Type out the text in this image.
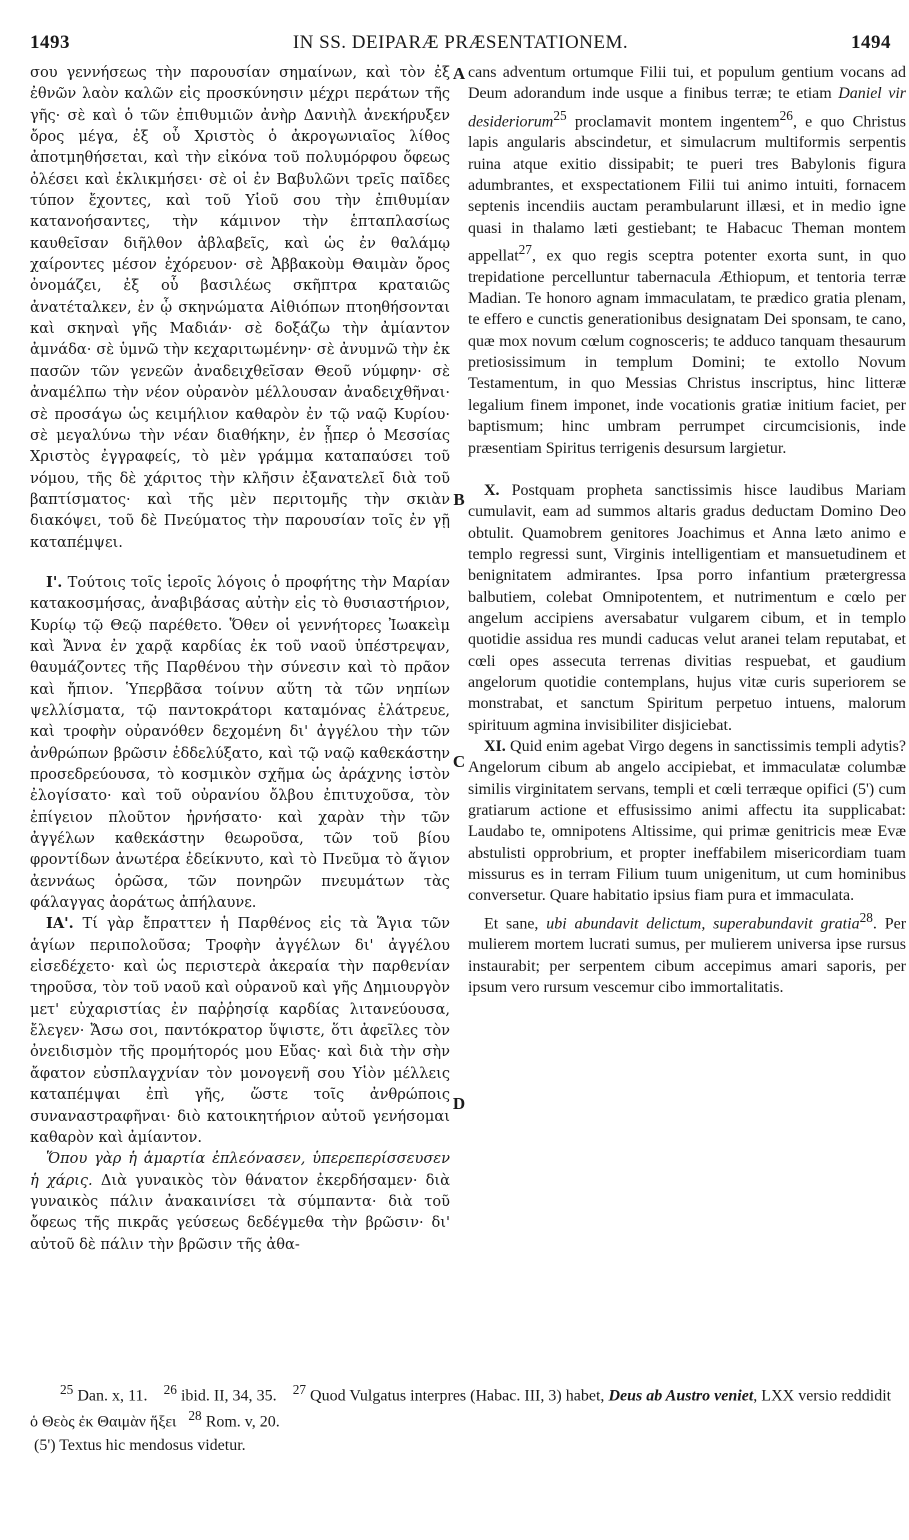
1493	IN SS. DEIPARÆ PRÆSENTATIONEM.	1494

σου γεννήσεως τὴν παρουσίαν σημαίνων, καὶ τὸν ἐξ ἐθνῶν λαὸν καλῶν εἰς προσκύνησιν μέχρι περάτων τῆς γῆς· σὲ καὶ ὁ τῶν ἐπιθυμιῶν ἀνὴρ Δανιὴλ ἀνεκήρυξεν ὄρος μέγα, ἐξ οὗ Χριστὸς ὁ ἀκρογωνιαῖος λίθος ἀποτμηθήσεται, καὶ τὴν εἰκόνα τοῦ πολυμόρφου ὄφεως ὀλέσει καὶ ἐκλικμήσει· σὲ οἱ ἐν Βαβυλῶνι τρεῖς παῖδες τύπον ἔχοντες, καὶ τοῦ Υἱοῦ σου τὴν ἐπιθυμίαν κατανοήσαντες, τὴν κάμινον τὴν ἑπταπλασίως καυθεῖσαν διῆλθον ἀβλαβεῖς, καὶ ὡς ἐν θαλάμῳ χαίροντες μέσον ἐχόρευον· σὲ Ἀββακοὺμ Θαιμὰν ὄρος ὀνομάζει, ἐξ οὗ βασιλέως σκῆπτρα κραταιῶς ἀνατέταλκεν, ἐν ᾧ σκηνώματα Αἰθιόπων πτοηθήσονται καὶ σκηναὶ γῆς Μαδιάν· σὲ δοξάζω τὴν ἀμίαντον ἀμνάδα· σὲ ὑμνῶ τὴν κεχαριτωμένην· σὲ ἀνυμνῶ τὴν ἐκ πασῶν τῶν γενεῶν ἀναδειχθεῖσαν Θεοῦ νύμφην· σὲ ἀναμέλπω τὴν νέον οὐρανὸν μέλλουσαν ἀναδειχθῆναι· σὲ προσάγω ὡς κειμήλιον καθαρὸν ἐν τῷ ναῷ Κυρίου· σὲ μεγαλύνω τὴν νέαν διαθήκην, ἐν ᾗπερ ὁ Μεσσίας Χριστὸς ἐγγραφείς, τὸ μὲν γράμμα καταπαύσει τοῦ νόμου, τῆς δὲ χάριτος τὴν κλῆσιν ἐξανατελεῖ διὰ τοῦ βαπτίσματος· καὶ τῆς μὲν περιτομῆς τὴν σκιὰν διακόψει, τοῦ δὲ Πνεύματος τὴν παρουσίαν τοῖς ἐν γῇ καταπέμψει.

Ι'. Τούτοις τοῖς ἱεροῖς λόγοις ὁ προφήτης τὴν Μαρίαν κατακοσμήσας, ἀναβιβάσας αὐτὴν εἰς τὸ θυσιαστήριον, Κυρίῳ τῷ Θεῷ παρέθετο. Ὅθεν οἱ γεννήτορες Ἰωακεὶμ καὶ Ἄννα ἐν χαρᾷ καρδίας ἐκ τοῦ ναοῦ ὑπέστρεψαν, θαυμάζοντες τῆς Παρθένου τὴν σύνεσιν καὶ τὸ πρᾶον καὶ ἤπιον. Ὑπερβᾶσα τοίνυν αὕτη τὰ τῶν νηπίων ψελλίσματα, τῷ παντοκράτορι καταμόνας ἐλάτρευε, καὶ τροφὴν οὐρανόθεν δεχομένη δι' ἀγγέλου τὴν τῶν ἀνθρώπων βρῶσιν ἐδδελύξατο, καὶ τῷ ναῷ καθεκάστην προσεδρεύουσα, τὸ κοσμικὸν σχῆμα ὡς ἀράχνης ἱστὸν ἐλογίσατο· καὶ τοῦ οὐρανίου ὄλβου ἐπιτυχοῦσα, τὸν ἐπίγειον πλοῦτον ἠρνήσατο· καὶ χαρὰν τὴν τῶν ἀγγέλων καθεκάστην θεωροῦσα, τῶν τοῦ βίου φροντίδων ἀνωτέρα ἐδείκνυτο, καὶ τὸ Πνεῦμα τὸ ἅγιον ἀεννάως ὁρῶσα, τῶν πονηρῶν πνευμάτων τὰς φάλαγγας ἀοράτως ἀπήλαυνε.

ΙΑ'. Τί γὰρ ἔπραττεν ἡ Παρθένος εἰς τὰ Ἅγια τῶν ἁγίων περιπολοῦσα; Τροφὴν ἀγγέλων δι' ἀγγέλου εἰσεδέχετο· καὶ ὡς περιστερὰ ἀκεραία τὴν παρθενίαν τηροῦσα, τὸν τοῦ ναοῦ καὶ οὐρανοῦ καὶ γῆς Δημιουργὸν μετ' εὐχαριστίας ἐν παῤῥησίᾳ καρδίας λιτανεύουσα, ἔλεγεν· Ἄσω σοι, παντόκρατορ ὕψιστε, ὅτι ἀφεῖλες τὸν ὀνειδισμὸν τῆς προμήτορός μου Εὔας· καὶ διὰ τὴν σὴν ἄφατον εὐσπλαγχνίαν τὸν μονογενῆ σου Υἱὸν μέλλεις καταπέμψαι ἐπὶ γῆς, ὥστε τοῖς ἀνθρώποις συναναστραφῆναι· διὸ κατοικητήριον αὐτοῦ γενήσομαι καθαρὸν καὶ ἀμίαντον.

Ὅπου γὰρ ἡ ἁμαρτία ἐπλεόνασεν, ὑπερεπερίσσευσεν ἡ χάρις. Διὰ γυναικὸς τὸν θάνατον ἐκερδήσαμεν· διὰ γυναικὸς πάλιν ἀνακαινίσει τὰ σύμπαντα· διὰ τοῦ ὄφεως τῆς πικρᾶς γεύσεως δεδέγμεθα τὴν βρῶσιν· δι' αὐτοῦ δὲ πάλιν τὴν βρῶσιν τῆς ἀθα-

A
B
C
D

cans adventum ortumque Filii tui, et populum gentium vocans ad Deum adorandum inde usque a finibus terræ; te etiam Daniel vir desideriorum$^{25}$ proclamavit montem ingentem$^{26}$, e quo Christus lapis angularis abscindetur, et simulacrum multiformis serpentis ruina atque exitio dissipabit; te pueri tres Babylonis figura adumbrantes, et exspectationem Filii tui animo intuiti, fornacem septenis incendiis auctam perambularunt illæsi, et in medio igne quasi in thalamo læti gestiebant; te Habacuc Theman montem appellat$^{27}$, ex quo regis sceptra potenter exorta sunt, in quo trepidatione percelluntur tabernacula Æthiopum, et tentoria terræ Madian. Te honoro agnam immaculatam, te prædico gratia plenam, te effero e cunctis generationibus designatam Dei sponsam, te cano, quæ mox novum cœlum cognosceris; te adduco tanquam thesaurum pretiosissimum in templum Domini; te extollo Novum Testamentum, in quo Messias Christus inscriptus, hinc litteræ legalium finem imponet, inde vocationis gratiæ initium faciet, per baptismum; hinc umbram perrumpet circumcisionis, inde præsentiam Spiritus terrigenis desursum largietur.

X. Postquam propheta sanctissimis hisce laudibus Mariam cumulavit, eam ad summos altaris gradus deductam Domino Deo obtulit. Quamobrem genitores Joachimus et Anna læto animo e templo regressi sunt, Virginis intelligentiam et mansuetudinem et benignitatem admirantes. Ipsa porro infantium prætergressa balbutiem, colebat Omnipotentem, et nutrimentum e cœlo per angelum accipiens aversabatur vulgarem cibum, et in templo quotidie assidua res mundi caducas velut aranei telam reputabat, et cœli opes assecuta terrenas divitias respuebat, et gaudium angelorum quotidie contemplans, hujus vitæ curis superiorem se monstrabat, et sanctum Spiritum perpetuo intuens, malorum spirituum agmina invisibiliter disjiciebat.

XI. Quid enim agebat Virgo degens in sanctissimis templi adytis? Angelorum cibum ab angelo accipiebat, et immaculatæ columbæ similis virginitatem servans, templi et cœli terræque opifici (5') cum gratiarum actione et effusissimo animi affectu ita supplicabat: Laudabo te, omnipotens Altissime, qui primæ genitricis meæ Evæ abstulisti opprobrium, et propter ineffabilem misericordiam tuam missurus es in terram Filium tuum unigenitum, ut cum hominibus conversetur. Quare habitatio ipsius fiam pura et immaculata.

Et sane, ubi abundavit delictum, superabundavit gratia$^{28}$. Per mulierem mortem lucrati sumus, per mulierem universa ipse rursus instaurabit; per serpentem cibum accepimus amari saporis, per ipsum vero rursum vescemur cibo immortalitatis.

$^{25}$ Dan. x, 11. $^{26}$ ibid. II, 34, 35. $^{27}$ Quod Vulgatus interpres (Habac. III, 3) habet, Deus ab Austro veniet, LXX versio reddidit ὁ Θεὸς ἐκ Θαιμὰν ἥξει $^{28}$ Rom. v, 20.

(5') Textus hic mendosus videtur.
